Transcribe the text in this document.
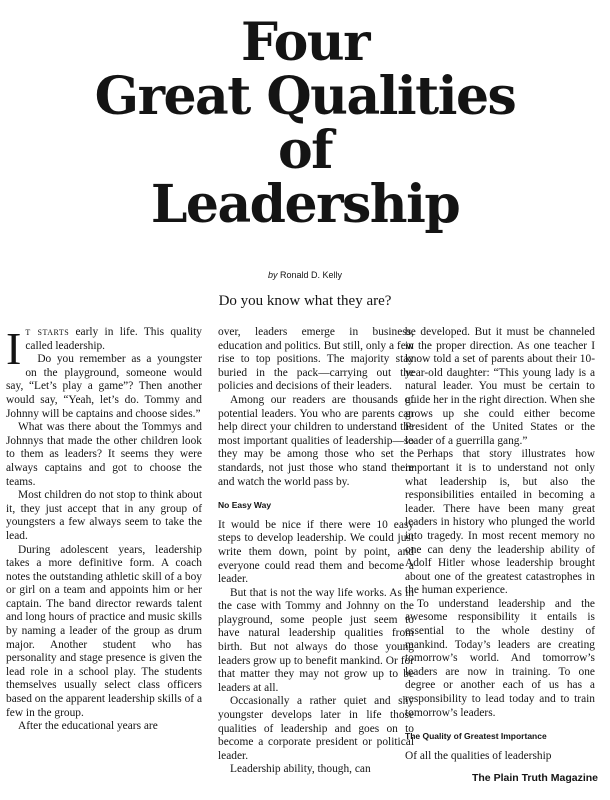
Four
Great Qualities
of
Leadership
by Ronald D. Kelly
Do you know what they are?

It starts early in life. This quality called leadership.

Do you remember as a youngster on the playground, someone would say, “Let’s play a game”? Then another would say, “Yeah, let’s do. Tommy and Johnny will be captains and choose sides.”

What was there about the Tommys and Johnnys that made the other children look to them as leaders? It seems they were always captains and got to choose the teams.

Most children do not stop to think about it, they just accept that in any group of youngsters a few always seem to take the lead.

During adolescent years, leadership takes a more definitive form. A coach notes the outstanding athletic skill of a boy or girl on a team and appoints him or her captain. The band director rewards talent and long hours of practice and music skills by naming a leader of the group as drum major. Another student who has personality and stage presence is given the lead role in a school play. The students themselves usually select class officers based on the apparent leadership skills of a few in the group.

After the educational years are

over, leaders emerge in business, education and politics. But still, only a few rise to top positions. The majority stay buried in the pack—carrying out the policies and decisions of their leaders.

Among our readers are thousands of potential leaders. You who are parents can help direct your children to understand the most important qualities of leadership—so they may be among those who set the standards, not just those who stand there and watch the world pass by.

No Easy Way

It would be nice if there were 10 easy steps to develop leadership. We could just write them down, point by point, and everyone could read them and become a leader.

But that is not the way life works. As in the case with Tommy and Johnny on the playground, some people just seem to have natural leadership qualities from birth. But not always do those young leaders grow up to benefit mankind. Or for that matter they may not grow up to be leaders at all.

Occasionally a rather quiet and shy youngster develops later in life those qualities of leadership and goes on to become a corporate president or political leader.

Leadership ability, though, can

be developed. But it must be channeled in the proper direction. As one teacher I know told a set of parents about their 10-year-old daughter: “This young lady is a natural leader. You must be certain to guide her in the right direction. When she grows up she could either become President of the United States or the leader of a guerrilla gang.”

Perhaps that story illustrates how important it is to understand not only what leadership is, but also the responsibilities entailed in becoming a leader. There have been many great leaders in history who plunged the world into tragedy. In most recent memory no one can deny the leadership ability of Adolf Hitler whose leadership brought about one of the greatest catastrophes in the human experience.

To understand leadership and the awesome responsibility it entails is essential to the whole destiny of mankind. Today’s leaders are creating tomorrow’s world. And tomorrow’s leaders are now in training. To one degree or another each of us has a responsibility to lead today and to train tomorrow’s leaders.

The Quality of Greatest Importance

Of all the qualities of leadership

The Plain Truth Magazine
